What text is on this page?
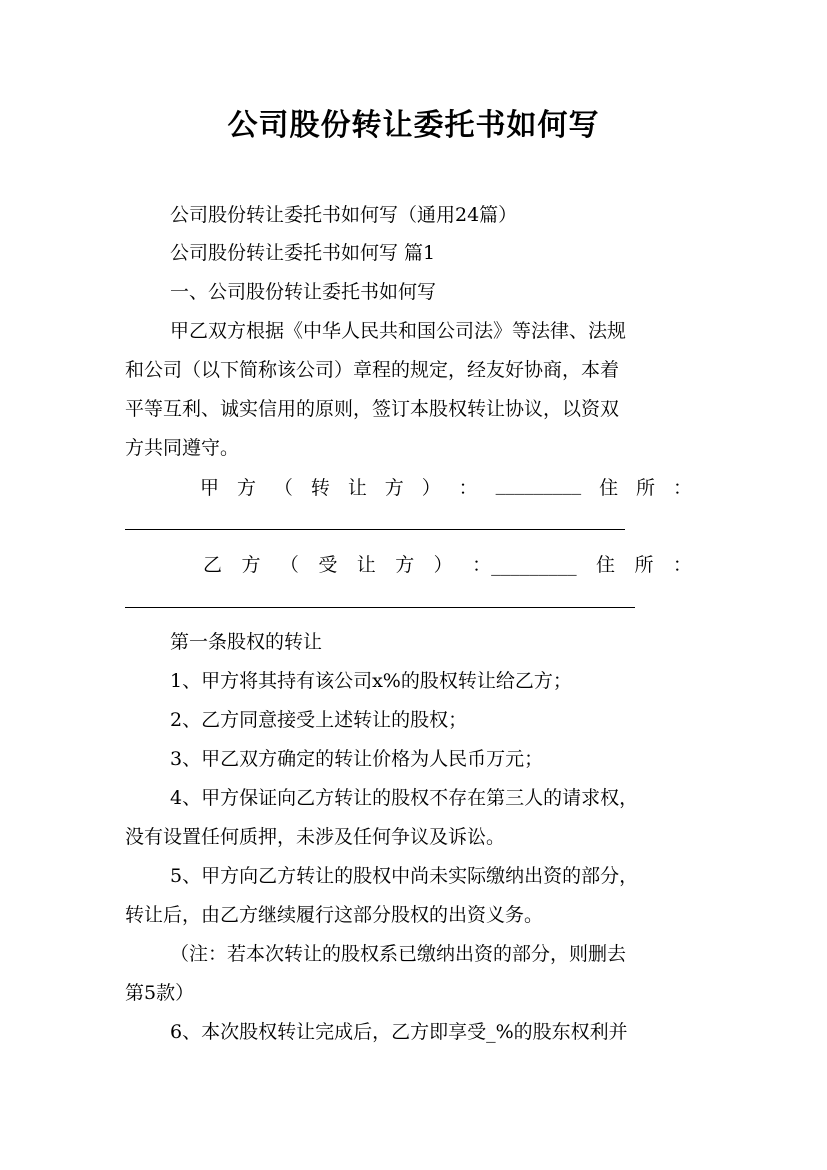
公司股份转让委托书如何写
公司股份转让委托书如何写（通用24篇）
公司股份转让委托书如何写 篇1
一、公司股份转让委托书如何写
甲乙双方根据《中华人民共和国公司法》等法律、法规
和公司（以下简称该公司）章程的规定，经友好协商，本着
平等互利、诚实信用的原则，签订本股权转让协议，以资双
方共同遵守。
甲 方 （ 转 让 方 ） ： _________ 住 所 ：
乙 方 （ 受 让 方 ） ：_________ 住 所 ：
第一条股权的转让
1、甲方将其持有该公司x%的股权转让给乙方；
2、乙方同意接受上述转让的股权；
3、甲乙双方确定的转让价格为人民币万元；
4、甲方保证向乙方转让的股权不存在第三人的请求权，
没有设置任何质押，未涉及任何争议及诉讼。
5、甲方向乙方转让的股权中尚未实际缴纳出资的部分，
转让后，由乙方继续履行这部分股权的出资义务。
（注：若本次转让的股权系已缴纳出资的部分，则删去
第5款）
6、本次股权转让完成后，乙方即享受_%的股东权利并
